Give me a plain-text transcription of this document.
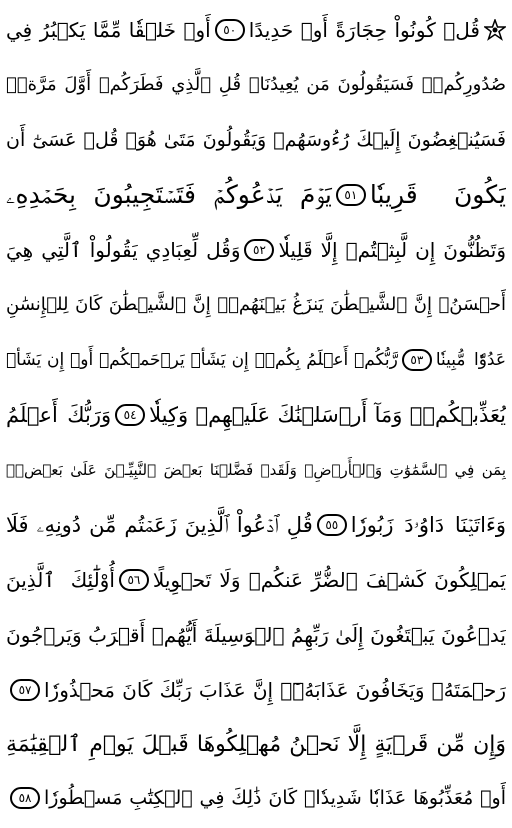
قُلۡ كُونُواْ حِجَارَةً أَوۡ حَدِيدًا
٥٠
أَوۡ خَلۡقٗا مِّمَّا يَكۡبُرُ فِي
صُدُورِكُمۡۚ فَسَيَقُولُونَ مَن يُعِيدُنَاۖ قُلِ ٱلَّذِي فَطَرَكُمۡ أَوَّلَ مَرَّةٖۚ
فَسَيُنۡغِضُونَ إِلَيۡكَ رُءُوسَهُمۡ وَيَقُولُونَ مَتَىٰ هُوَۖ قُلۡ عَسَىٰٓ أَن
يَكُونَ قَرِيبٗا
٥١
يَوۡمَ يَدۡعُوكُمۡ فَتَسۡتَجِيبُونَ بِحَمۡدِهِۦ
وَتَظُنُّونَ إِن لَّبِثۡتُمۡ إِلَّا قَلِيلٗا
٥٢
وَقُل لِّعِبَادِي يَقُولُواْ ٱلَّتِي هِيَ
أَحۡسَنُۚ إِنَّ ٱلشَّيۡطَٰنَ يَنزَغُ بَيۡنَهُمۡۚ إِنَّ ٱلشَّيۡطَٰنَ كَانَ لِلۡإِنسَٰنِ
عَدُوّٗا مُّبِينٗا
٥٣
رَّبُّكُمۡ أَعۡلَمُ بِكُمۡۖ إِن يَشَأۡ يَرۡحَمۡكُمۡ أَوۡ إِن يَشَأۡ
يُعَذِّبۡكُمۡۚ وَمَآ أَرۡسَلۡنَٰكَ عَلَيۡهِمۡ وَكِيلٗا
٥٤
وَرَبُّكَ أَعۡلَمُ
بِمَن فِي ٱلسَّمَٰوَٰتِ وَٱلۡأَرۡضِۗ وَلَقَدۡ فَضَّلۡنَا بَعۡضَ ٱلنَّبِيِّـۧنَ عَلَىٰ بَعۡضٖۖ
وَءَاتَيۡنَا دَاوُۥدَ زَبُورٗا
٥٥
قُلِ ٱدۡعُواْ ٱلَّذِينَ زَعَمۡتُم مِّن دُونِهِۦ فَلَا
يَمۡلِكُونَ كَشۡفَ ٱلضُّرِّ عَنكُمۡ وَلَا تَحۡوِيلًا
٥٦
أُوْلَٰٓئِكَ ٱلَّذِينَ
يَدۡعُونَ يَبۡتَغُونَ إِلَىٰ رَبِّهِمُ ٱلۡوَسِيلَةَ أَيُّهُمۡ أَقۡرَبُ وَيَرۡجُونَ
رَحۡمَتَهُۥ وَيَخَافُونَ عَذَابَهُۥٓۚ إِنَّ عَذَابَ رَبِّكَ كَانَ مَحۡذُورٗا
٥٧
وَإِن مِّن قَرۡيَةٍ إِلَّا نَحۡنُ مُهۡلِكُوهَا قَبۡلَ يَوۡمِ ٱلۡقِيَٰمَةِ
أَوۡ مُعَذِّبُوهَا عَذَابٗا شَدِيدٗاۚ كَانَ ذَٰلِكَ فِي ٱلۡكِتَٰبِ مَسۡطُورٗا
٥٨
